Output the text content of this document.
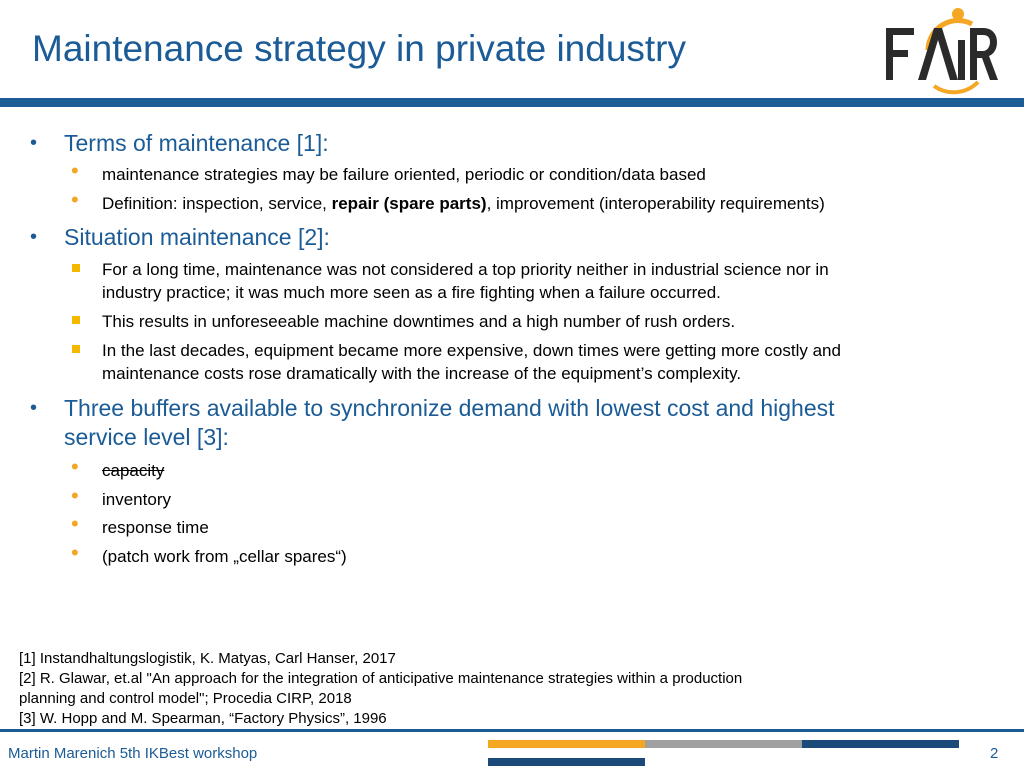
Maintenance strategy in private industry
• Terms of maintenance [1]:
• maintenance strategies may be failure oriented, periodic or condition/data based
• Definition: inspection, service, repair (spare parts), improvement (interoperability requirements)
• Situation maintenance [2]:
For a long time, maintenance was not considered a top priority neither in industrial science nor in
industry practice; it was much more seen as a fire fighting when a failure occurred.
This results in unforeseeable machine downtimes and a high number of rush orders.
In the last decades, equipment became more expensive, down times were getting more costly and
maintenance costs rose dramatically with the increase of the equipment’s complexity.
• Three buffers available to synchronize demand with lowest cost and highest
service level [3]:
• capacity
• inventory
• response time
• (patch work from „cellar spares“)
[1] Instandhaltungslogistik, K. Matyas, Carl Hanser, 2017
[2] R. Glawar, et.al "An approach for the integration of anticipative maintenance strategies within a production
planning and control model"; Procedia CIRP, 2018
[3] W. Hopp and M. Spearman, “Factory Physics”, 1996
Martin Marenich 5th IKBest workshop	2
